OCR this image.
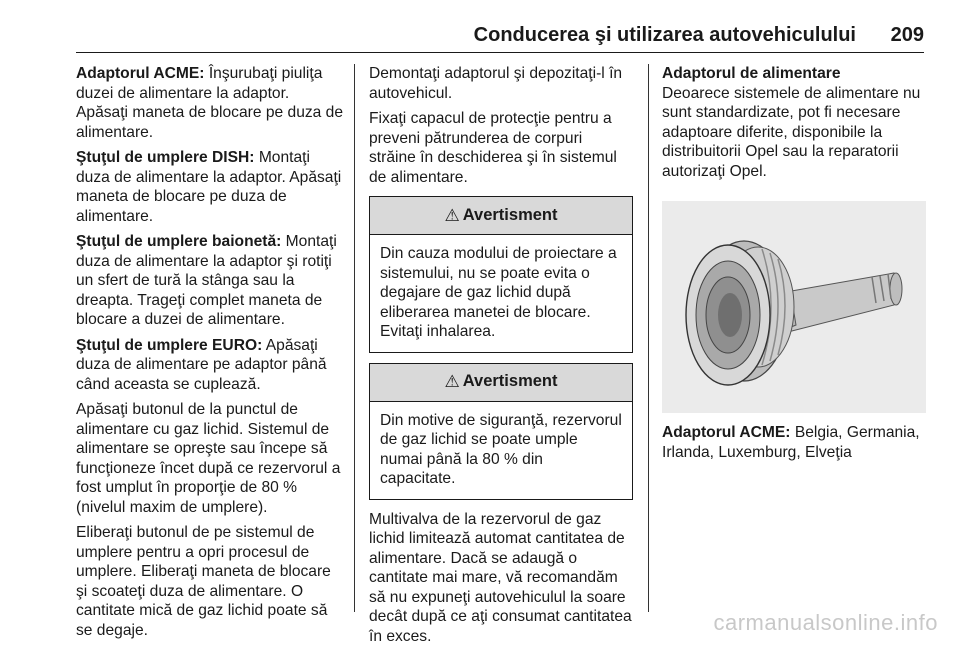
Conducerea şi utilizarea autovehiculului 209

Adaptorul ACME: Înşurubaţi piuliţa duzei de alimentare la adaptor. Apăsaţi maneta de blocare pe duza de alimentare.

Ştuţul de umplere DISH: Montaţi duza de alimentare la adaptor. Apăsaţi maneta de blocare pe duza de alimentare.

Ştuţul de umplere baionetă: Montaţi duza de alimentare la adaptor şi rotiţi un sfert de tură la stânga sau la dreapta. Trageţi complet maneta de blocare a duzei de alimentare.

Ştuţul de umplere EURO: Apăsaţi duza de alimentare pe adaptor până când aceasta se cuplează.

Apăsaţi butonul de la punctul de alimentare cu gaz lichid. Sistemul de alimentare se opreşte sau începe să funcţioneze încet după ce rezervorul a fost umplut în proporţie de 80 % (nivelul maxim de umplere).

Eliberaţi butonul de pe sistemul de umplere pentru a opri procesul de umplere. Eliberaţi maneta de blocare şi scoateţi duza de alimentare. O cantitate mică de gaz lichid poate să se degaje.

Demontaţi adaptorul şi depozitaţi-l în autovehicul.

Fixaţi capacul de protecţie pentru a preveni pătrunderea de corpuri străine în deschiderea şi în sistemul de alimentare.

⚠ Avertisment
Din cauza modului de proiectare a sistemului, nu se poate evita o degajare de gaz lichid după eliberarea manetei de blocare. Evitaţi inhalarea.
⚠ Avertisment
Din motive de siguranţă, rezervorul de gaz lichid se poate umple numai până la 80 % din capacitate.

Multivalva de la rezervorul de gaz lichid limitează automat cantitatea de alimentare. Dacă se adaugă o cantitate mai mare, vă recomandăm să nu expuneţi autovehiculul la soare decât după ce aţi consumat cantitatea în exces.

Adaptorul de alimentare

Deoarece sistemele de alimentare nu sunt standardizate, pot fi necesare adaptoare diferite, disponibile la distribuitorii Opel sau la reparatorii autorizaţi Opel.

Adaptorul ACME: Belgia, Germania, Irlanda, Luxemburg, Elveţia

carmanualsonline.info
